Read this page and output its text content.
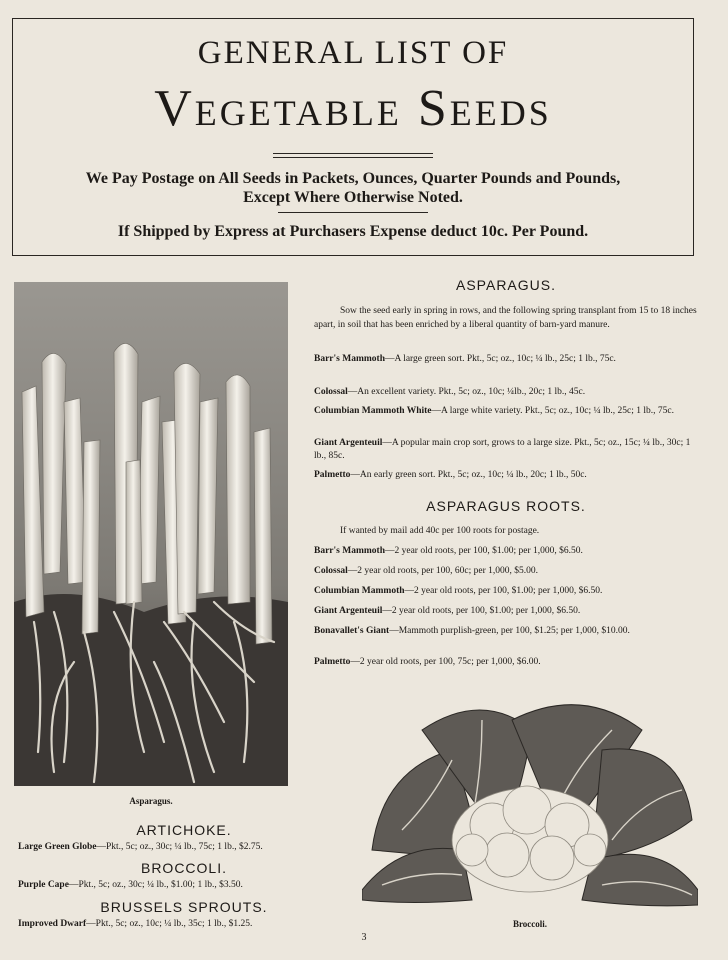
GENERAL LIST OF
Vegetable Seeds
We Pay Postage on All Seeds in Packets, Ounces, Quarter Pounds and Pounds,
Except Where Otherwise Noted.
If Shipped by Express at Purchasers Expense deduct 10c. Per Pound.
Asparagus.
ASPARAGUS.
Sow the seed early in spring in rows, and the following spring transplant from 15 to 18 inches apart, in soil that has been enriched by a liberal quantity of barn-yard manure.
Barr's Mammoth—A large green sort. Pkt., 5c; oz., 10c; ¼ lb., 25c; 1 lb., 75c.
Colossal—An excellent variety. Pkt., 5c; oz., 10c; ¼lb., 20c; 1 lb., 45c.
Columbian Mammoth White—A large white variety. Pkt., 5c; oz., 10c; ¼ lb., 25c; 1 lb., 75c.
Giant Argenteuil—A popular main crop sort, grows to a large size. Pkt., 5c; oz., 15c; ¼ lb., 30c; 1 lb., 85c.
Palmetto—An early green sort. Pkt., 5c; oz., 10c; ¼ lb., 20c; 1 lb., 50c.
ASPARAGUS ROOTS.
If wanted by mail add 40c per 100 roots for postage.
Barr's Mammoth—2 year old roots, per 100, $1.00; per 1,000, $6.50.
Colossal—2 year old roots, per 100, 60c; per 1,000, $5.00.
Columbian Mammoth—2 year old roots, per 100, $1.00; per 1,000, $6.50.
Giant Argenteuil—2 year old roots, per 100, $1.00; per 1,000, $6.50.
Bonavallet's Giant—Mammoth purplish-green, per 100, $1.25; per 1,000, $10.00.
Palmetto—2 year old roots, per 100, 75c; per 1,000, $6.00.
ARTICHOKE.
Large Green Globe—Pkt., 5c; oz., 30c; ¼ lb., 75c; 1 lb., $2.75.
BROCCOLI.
Purple Cape—Pkt., 5c; oz., 30c; ¼ lb., $1.00; 1 lb., $3.50.
BRUSSELS SPROUTS.
Improved Dwarf—Pkt., 5c; oz., 10c; ¼ lb., 35c; 1 lb., $1.25.	Broccoli.
3
